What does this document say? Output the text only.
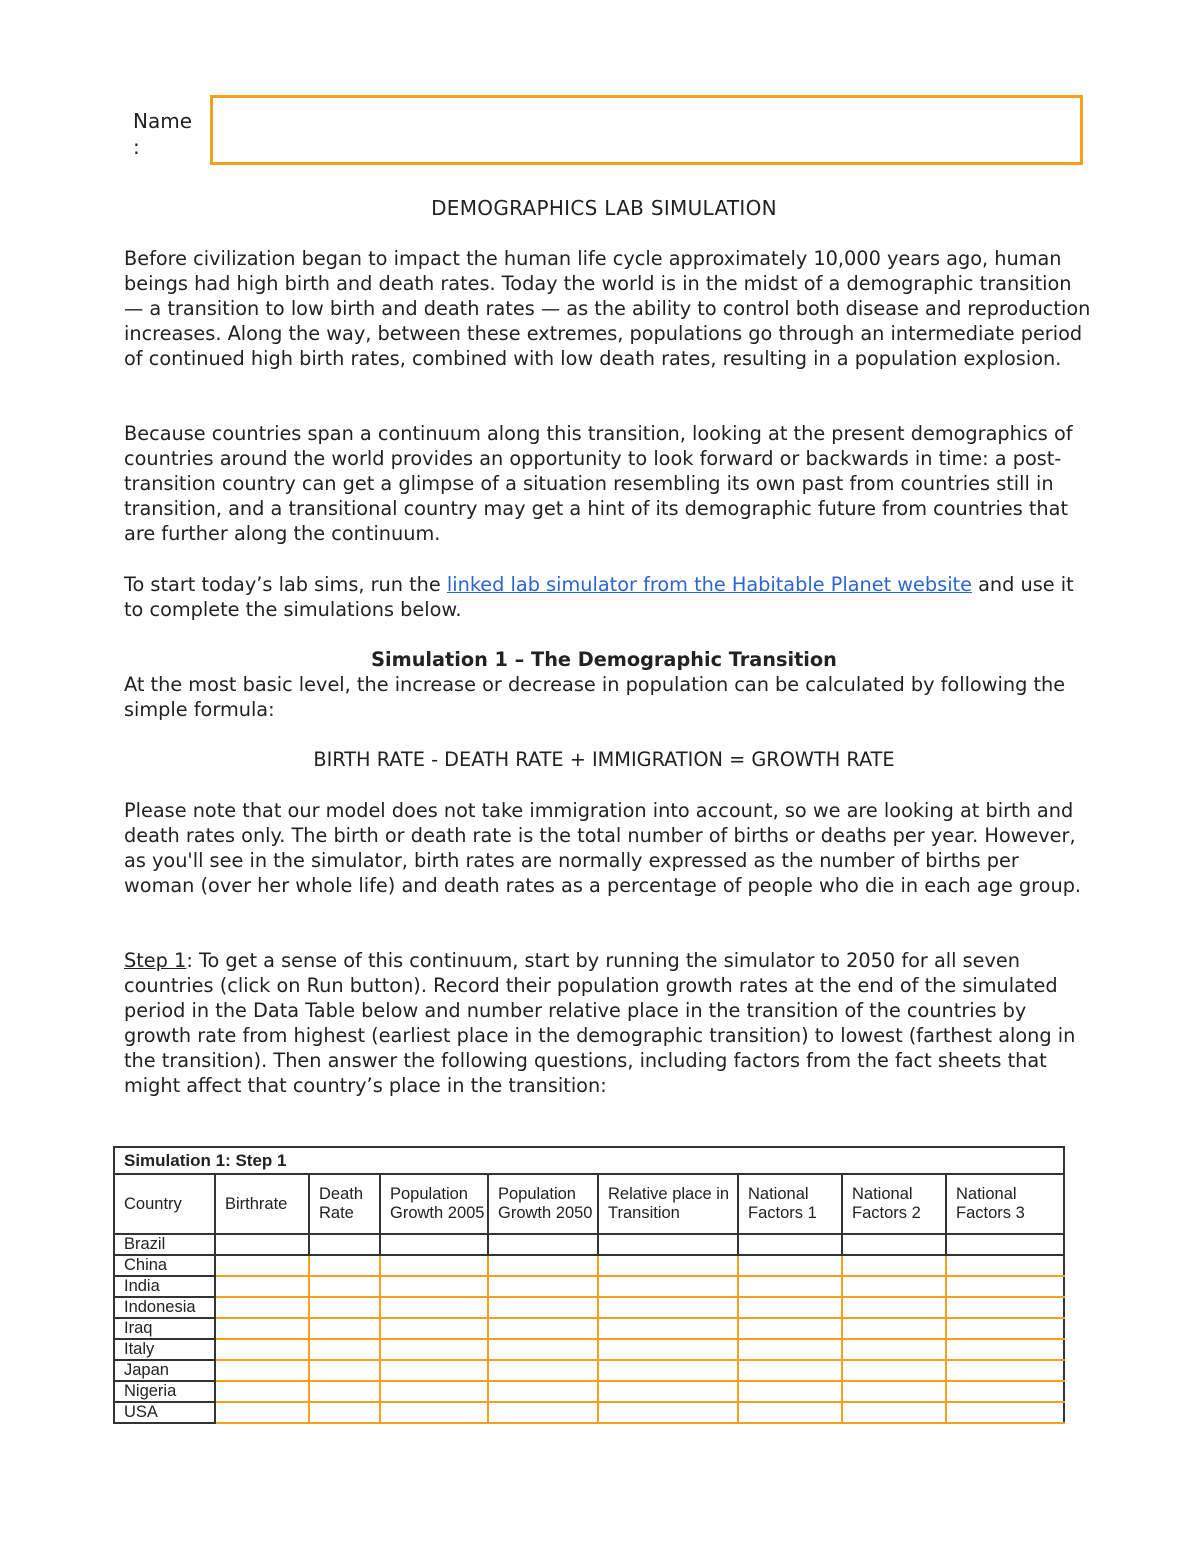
Name
:
DEMOGRAPHICS LAB SIMULATION
Before civilization began to impact the human life cycle approximately 10,000 years ago, human beings had high birth and death rates. Today the world is in the midst of a demographic transition — a transition to low birth and death rates — as the ability to control both disease and reproduction increases. Along the way, between these extremes, populations go through an intermediate period of continued high birth rates, combined with low death rates, resulting in a population explosion.
Because countries span a continuum along this transition, looking at the present demographics of countries around the world provides an opportunity to look forward or backwards in time: a post-transition country can get a glimpse of a situation resembling its own past from countries still in transition, and a transitional country may get a hint of its demographic future from countries that are further along the continuum.
To start today’s lab sims, run the linked lab simulator from the Habitable Planet website and use it to complete the simulations below.
Simulation 1 – The Demographic Transition
At the most basic level, the increase or decrease in population can be calculated by following the simple formula:
BIRTH RATE - DEATH RATE + IMMIGRATION = GROWTH RATE
Please note that our model does not take immigration into account, so we are looking at birth and death rates only. The birth or death rate is the total number of births or deaths per year. However, as you'll see in the simulator, birth rates are normally expressed as the number of births per woman (over her whole life) and death rates as a percentage of people who die in each age group.
Step 1: To get a sense of this continuum, start by running the simulator to 2050 for all seven countries (click on Run button). Record their population growth rates at the end of the simulated period in the Data Table below and number relative place in the transition of the countries by growth rate from highest (earliest place in the demographic transition) to lowest (farthest along in the transition). Then answer the following questions, including factors from the fact sheets that might affect that country’s place in the transition:
Simulation 1: Step 1								
Country	Birthrate	Death Rate	Population Growth 2005	Population Growth 2050	Relative place in Transition	National Factors 1	National Factors 2	National Factors 3
Brazil								
China								
India								
Indonesia								
Iraq								
Italy								
Japan								
Nigeria								
USA								
